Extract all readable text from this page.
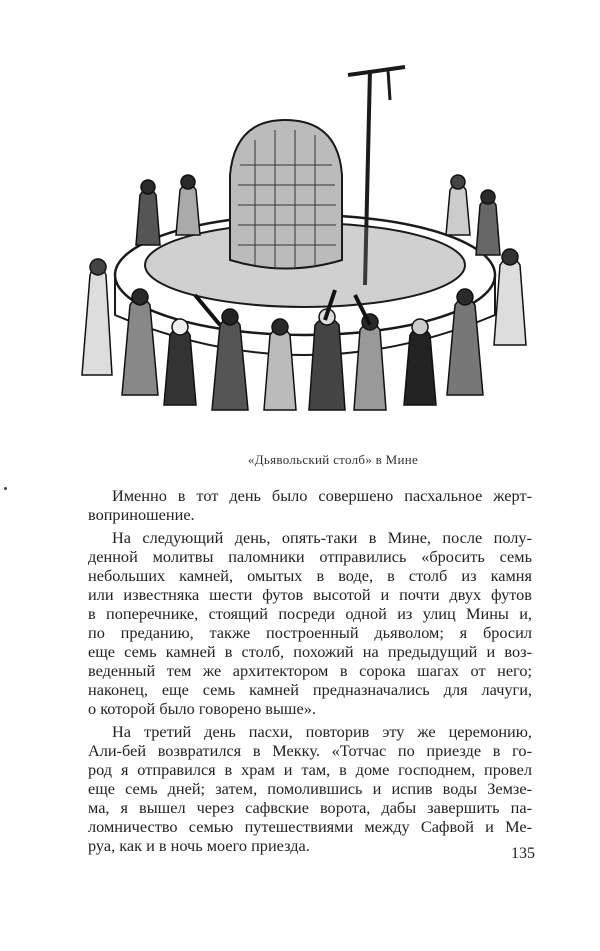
«Дьявольский столб» в Мине
Именно в тот день было совершено пасхальное жерт-
воприношение.
На следующий день, опять-таки в Мине, после полу-
денной молитвы паломники отправились «бросить семь
небольших камней, омытых в воде, в столб из камня
или известняка шести футов высотой и почти двух футов
в поперечнике, стоящий посреди одной из улиц Мины и,
по преданию, также построенный дьяволом; я бросил
еще семь камней в столб, похожий на предыдущий и воз-
веденный тем же архитектором в сорока шагах от него;
наконец, еще семь камней предназначались для лачуги,
о которой было говорено выше».
На третий день пасхи, повторив эту же церемонию,
Али-бей возвратился в Мекку. «Тотчас по приезде в го-
род я отправился в храм и там, в доме господнем, провел
еще семь дней; затем, помолившись и испив воды Земзе-
ма, я вышел через сафвские ворота, дабы завершить па-
ломничество семью путешествиями между Сафвой и Ме-
руа, как и в ночь моего приезда.	135
